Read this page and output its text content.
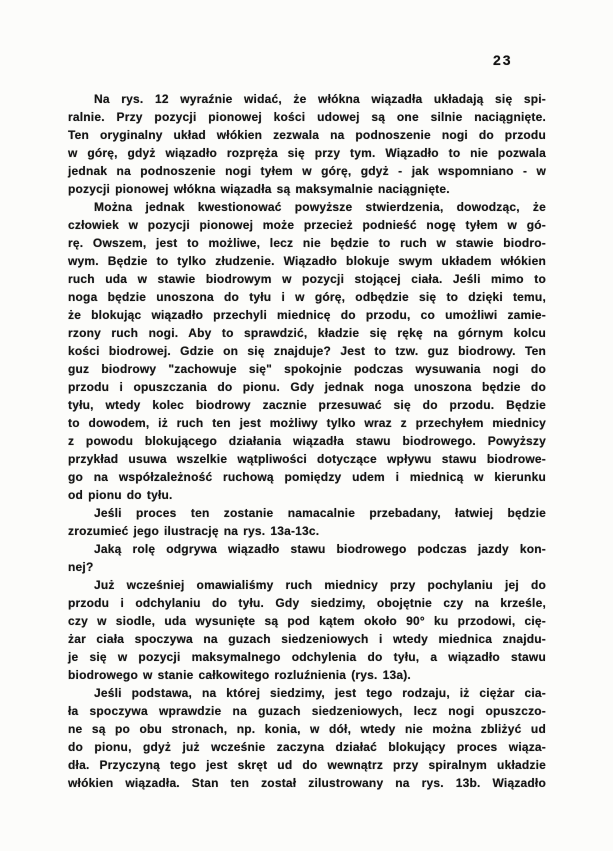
23
Na rys. 12 wyraźnie widać, że włókna wiązadła układają się spi-
ralnie. Przy pozycji pionowej kości udowej są one silnie naciągnięte.
Ten oryginalny układ włókien zezwala na podnoszenie nogi do przodu
w górę, gdyż wiązadło rozpręża się przy tym. Wiązadło to nie pozwala
jednak na podnoszenie nogi tyłem w górę, gdyż - jak wspomniano - w
pozycji pionowej włókna wiązadła są maksymalnie naciągnięte.
Można jednak kwestionować powyższe stwierdzenia, dowodząc, że
człowiek w pozycji pionowej może przecież podnieść nogę tyłem w gó-
rę. Owszem, jest to możliwe, lecz nie będzie to ruch w stawie biodro-
wym. Będzie to tylko złudzenie. Wiązadło blokuje swym układem włókien
ruch uda w stawie biodrowym w pozycji stojącej ciała. Jeśli mimo to
noga będzie unoszona do tyłu i w górę, odbędzie się to dzięki temu,
że blokując wiązadło przechyli miednicę do przodu, co umożliwi zamie-
rzony ruch nogi. Aby to sprawdzić, kładzie się rękę na górnym kolcu
kości biodrowej. Gdzie on się znajduje? Jest to tzw. guz biodrowy. Ten
guz biodrowy "zachowuje się" spokojnie podczas wysuwania nogi do
przodu i opuszczania do pionu. Gdy jednak noga unoszona będzie do
tyłu, wtedy kolec biodrowy zacznie przesuwać się do przodu. Będzie
to dowodem, iż ruch ten jest możliwy tylko wraz z przechyłem miednicy
z powodu blokującego działania wiązadła stawu biodrowego. Powyższy
przykład usuwa wszelkie wątpliwości dotyczące wpływu stawu biodrowe-
go na współzależność ruchową pomiędzy udem i miednicą w kierunku
od pionu do tyłu.
Jeśli proces ten zostanie namacalnie przebadany, łatwiej będzie
zrozumieć jego ilustrację na rys. 13a-13c.
Jaką rolę odgrywa wiązadło stawu biodrowego podczas jazdy kon-
nej?
Już wcześniej omawialiśmy ruch miednicy przy pochylaniu jej do
przodu i odchylaniu do tyłu. Gdy siedzimy, obojętnie czy na krześle,
czy w siodle, uda wysunięte są pod kątem około 90° ku przodowi, cię-
żar ciała spoczywa na guzach siedzeniowych i wtedy miednica znajdu-
je się w pozycji maksymalnego odchylenia do tyłu, a wiązadło stawu
biodrowego w stanie całkowitego rozluźnienia (rys. 13a).
Jeśli podstawa, na której siedzimy, jest tego rodzaju, iż ciężar cia-
ła spoczywa wprawdzie na guzach siedzeniowych, lecz nogi opuszczo-
ne są po obu stronach, np. konia, w dół, wtedy nie można zbliżyć ud
do pionu, gdyż już wcześnie zaczyna działać blokujący proces wiąza-
dła. Przyczyną tego jest skręt ud do wewnątrz przy spiralnym układzie
włókien wiązadła. Stan ten został zilustrowany na rys. 13b. Wiązadło
